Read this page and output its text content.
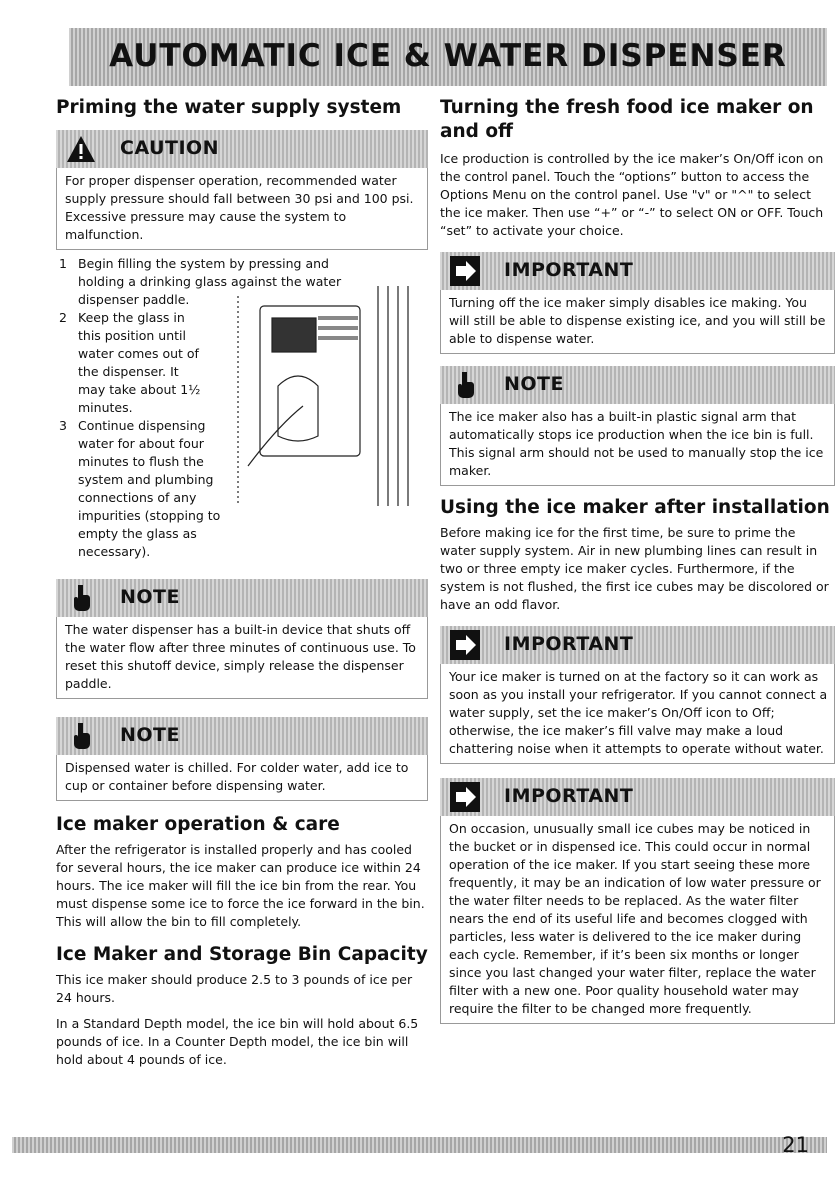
AUTOMATIC ICE & WATER DISPENSER
Priming the water supply system
CAUTION
For proper dispenser operation, recommended water supply pressure should fall between 30 psi and 100 psi. Excessive pressure may cause the system to malfunction.
1 Begin filling the system by pressing and holding a drinking glass against the water dispenser paddle.
2 Keep the glass in this position until water comes out of the dispenser. It may take about 1½ minutes.
3 Continue dispensing water for about four minutes to flush the system and plumbing connections of any impurities (stopping to empty the glass as necessary).
NOTE
The water dispenser has a built-in device that shuts off the water flow after three minutes of continuous use. To reset this shutoff device, simply release the dispenser paddle.
NOTE
Dispensed water is chilled. For colder water, add ice to cup or container before dispensing water.
Ice maker operation & care

After the refrigerator is installed properly and has cooled for several hours, the ice maker can produce ice within 24 hours. The ice maker will fill the ice bin from the rear. You must dispense some ice to force the ice forward in the bin. This will allow the bin to fill completely.

Ice Maker and Storage Bin Capacity

This ice maker should produce 2.5 to 3 pounds of ice per 24 hours.

In a Standard Depth model, the ice bin will hold about 6.5 pounds of ice. In a Counter Depth model, the ice bin will hold about 4 pounds of ice.

Turning the fresh food ice maker on and off

Ice production is controlled by the ice maker’s On/Off icon on the control panel. Touch the “options” button to access the Options Menu on the control panel. Use "v" or "^" to select the ice maker. Then use “+” or “-” to select ON or OFF. Touch “set” to activate your choice.

IMPORTANT
Turning off the ice maker simply disables ice making. You will still be able to dispense existing ice, and you will still be able to dispense water.
NOTE
The ice maker also has a built-in plastic signal arm that automatically stops ice production when the ice bin is full. This signal arm should not be used to manually stop the ice maker.
Using the ice maker after installation

Before making ice for the first time, be sure to prime the water supply system. Air in new plumbing lines can result in two or three empty ice maker cycles. Furthermore, if the system is not flushed, the first ice cubes may be discolored or have an odd flavor.

IMPORTANT
Your ice maker is turned on at the factory so it can work as soon as you install your refrigerator. If you cannot connect a water supply, set the ice maker’s On/Off icon to Off; otherwise, the ice maker’s fill valve may make a loud chattering noise when it attempts to operate without water.
IMPORTANT
On occasion, unusually small ice cubes may be noticed in the bucket or in dispensed ice. This could occur in normal operation of the ice maker. If you start seeing these more frequently, it may be an indication of low water pressure or the water filter needs to be replaced. As the water filter nears the end of its useful life and becomes clogged with particles, less water is delivered to the ice maker during each cycle. Remember, if it’s been six months or longer since you last changed your water filter, replace the water filter with a new one. Poor quality household water may require the filter to be changed more frequently.
21
